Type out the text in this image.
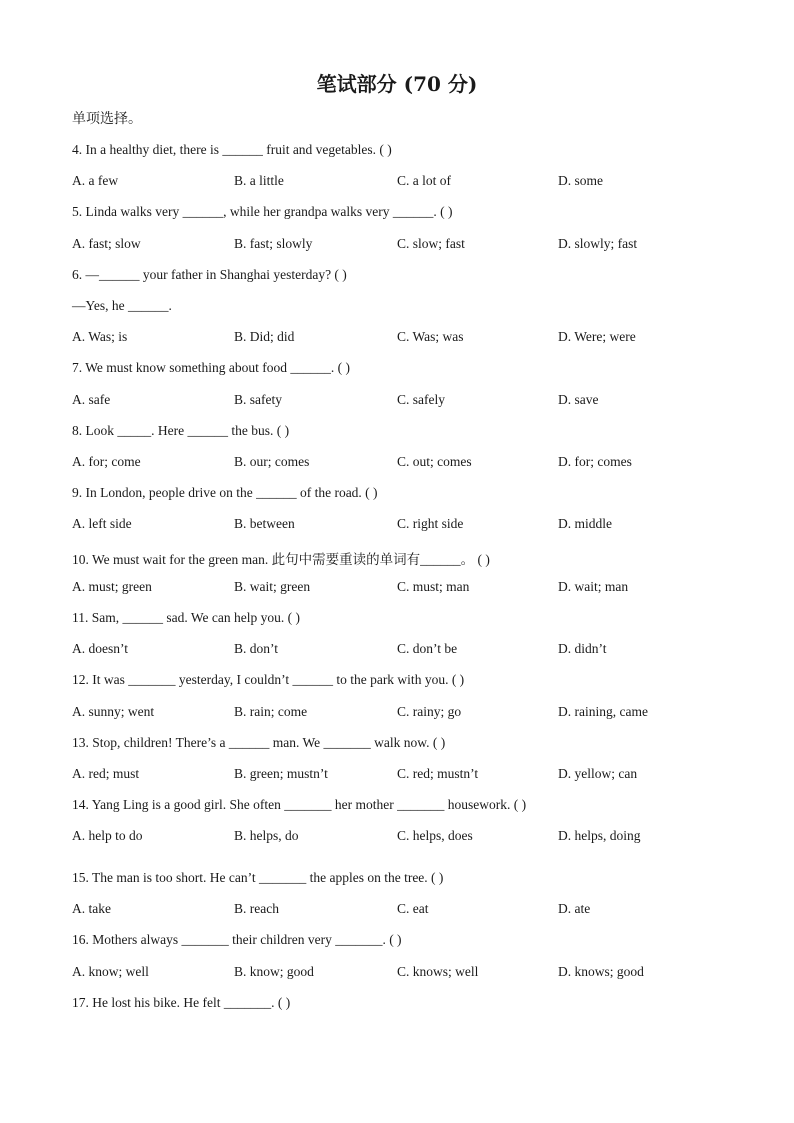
笔试部分 (70 分)
单项选择。
4. In a healthy diet, there is ______ fruit and vegetables. ( )
A. a few	B. a little	C. a lot of	D. some
5. Linda walks very ______, while her grandpa walks very ______. ( )
A. fast; slow	B. fast; slowly	C. slow; fast	D. slowly; fast
6. —______ your father in Shanghai yesterday? ( )
—Yes, he ______.
A. Was; is	B. Did; did	C. Was; was	D. Were; were
7. We must know something about food ______. ( )
A. safe	B. safety	C. safely	D. save
8. Look _____. Here ______ the bus. ( )
A. for; come	B. our; comes	C. out; comes	D. for; comes
9. In London, people drive on the ______ of the road. ( )
A. left side	B. between	C. right side	D. middle
10. We must wait for the green man. 此句中需要重读的单词有______。 ( )
A. must; green	B. wait; green	C. must; man	D. wait; man
11. Sam, ______ sad. We can help you. ( )
A. doesn’t	B. don’t	C. don’t be	D. didn’t
12. It was _______ yesterday, I couldn’t ______ to the park with you. ( )
A. sunny; went	B. rain; come	C. rainy; go	D. raining, came
13. Stop, children! There’s a ______ man. We _______ walk now. ( )
A. red; must	B. green; mustn’t	C. red; mustn’t	D. yellow; can
14. Yang Ling is a good girl. She often _______ her mother _______ housework. ( )
A. help to do	B. helps, do	C. helps, does	D. helps, doing
15. The man is too short. He can’t _______ the apples on the tree. ( )
A. take	B. reach	C. eat	D. ate
16. Mothers always _______ their children very _______. ( )
A. know; well	B. know; good	C. knows; well	D. knows; good
17. He lost his bike. He felt _______. ( )
